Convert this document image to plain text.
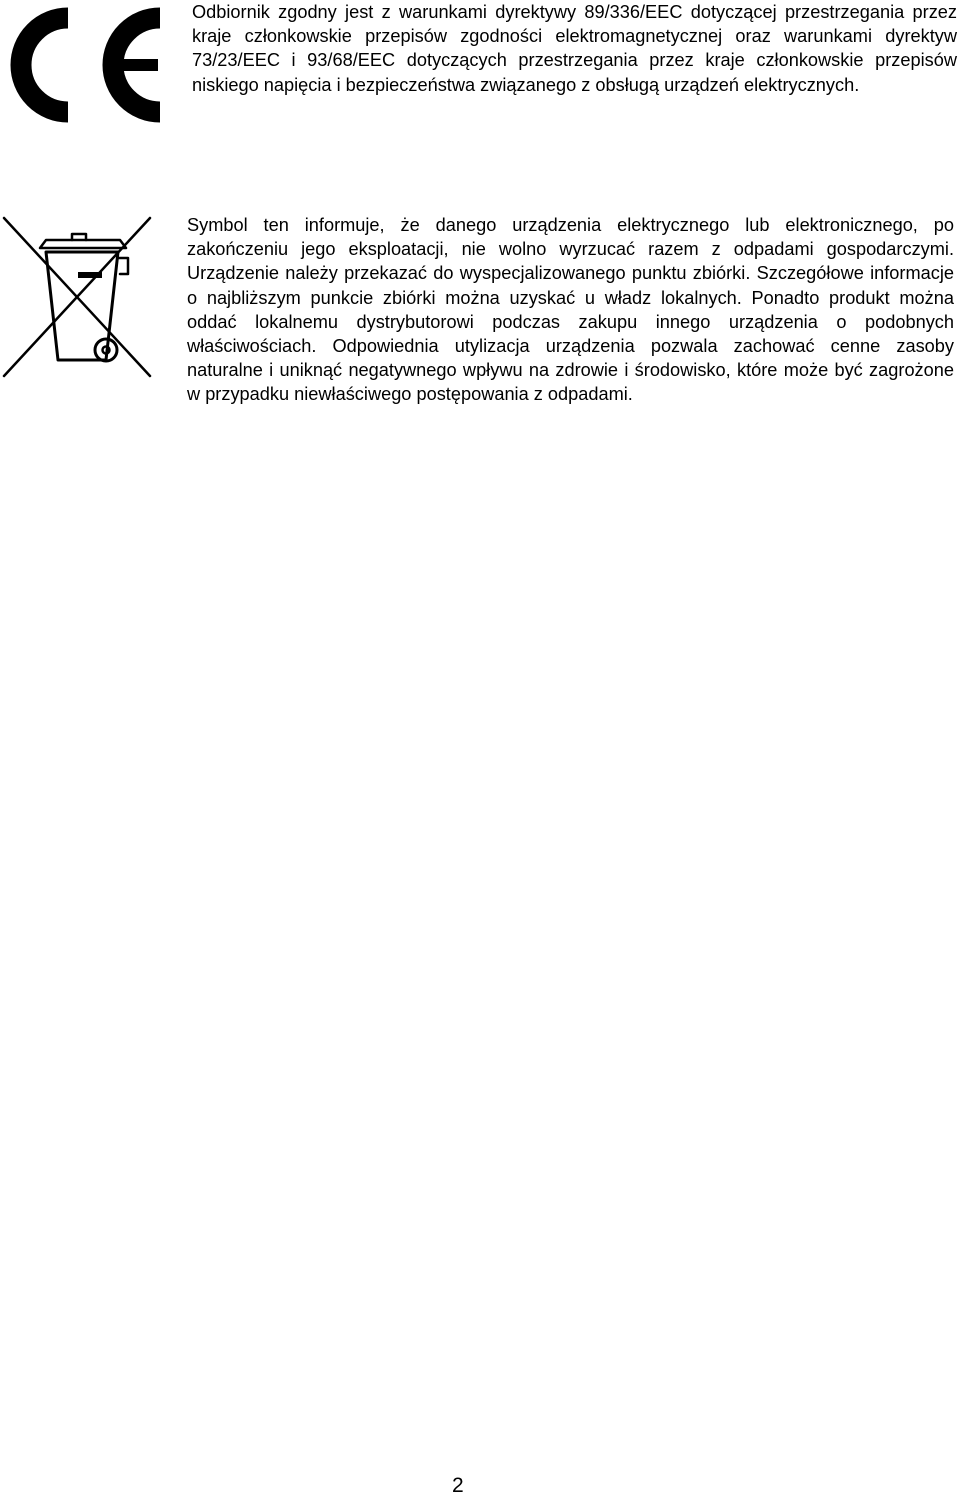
Odbiornik zgodny jest z warunkami dyrektywy 89/336/EEC dotyczącej przestrzegania przez kraje członkowskie przepisów zgodności elektromagnetycznej oraz warunkami dyrektyw 73/23/EEC i 93/68/EEC dotyczących przestrzegania przez kraje członkowskie przepisów niskiego napięcia i bezpieczeństwa związanego z obsługą urządzeń elektrycznych.

Symbol ten informuje, że danego urządzenia elektrycznego lub elektronicznego, po zakończeniu jego eksploatacji, nie wolno wyrzucać razem z odpadami gospodarczymi. Urządzenie należy przekazać do wyspecjalizowanego punktu zbiórki. Szczegółowe informacje o najbliższym punkcie zbiórki można uzyskać u władz lokalnych. Ponadto produkt można oddać lokalnemu dystrybutorowi podczas zakupu innego urządzenia o podobnych właściwościach. Odpowiednia utylizacja urządzenia pozwala zachować cenne zasoby naturalne i uniknąć negatywnego wpływu na zdrowie i środowisko, które może być zagrożone w przypadku niewłaściwego postępowania z odpadami.

2
